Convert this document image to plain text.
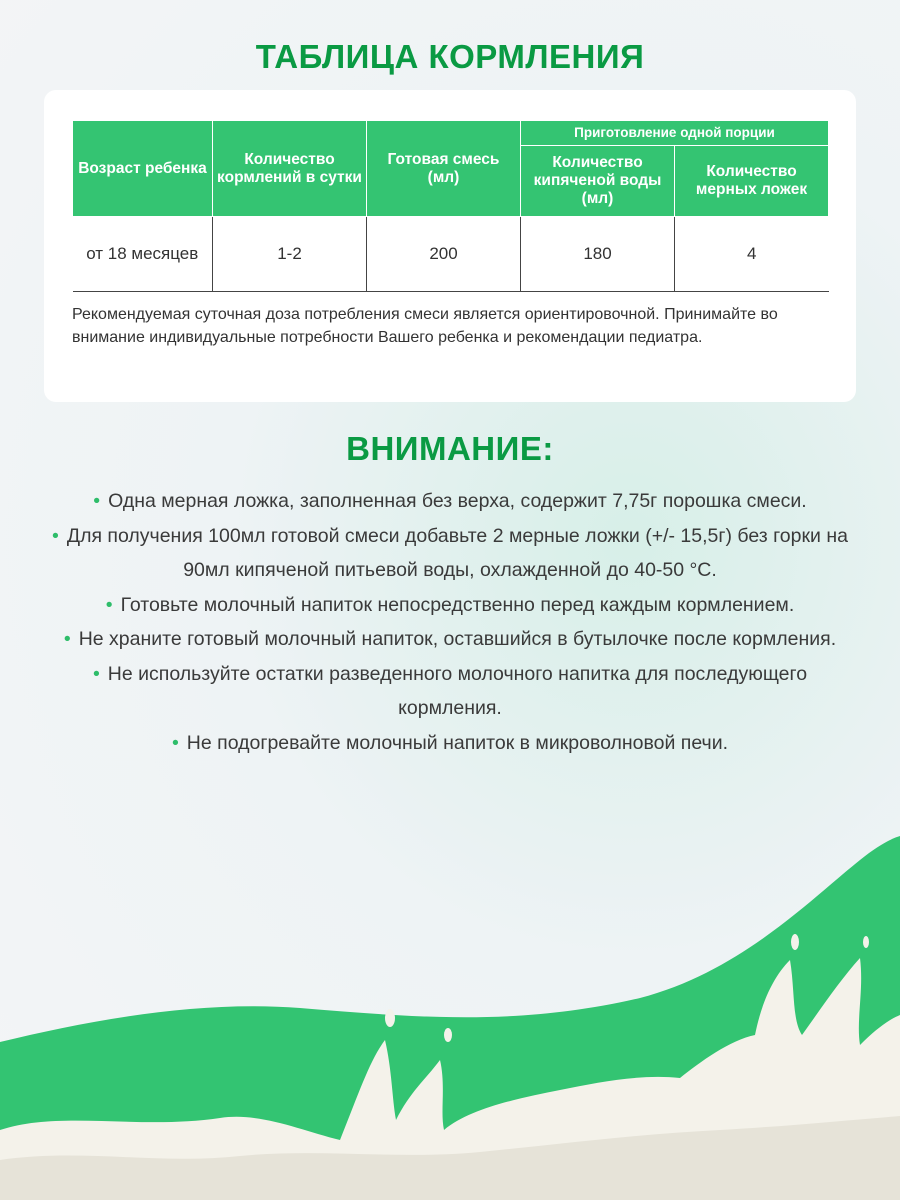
ТАБЛИЦА КОРМЛЕНИЯ
Возраст ребенка	Количество кормлений в сутки	Готовая смесь (мл)	Приготовление одной порции	
			Количество кипяченой воды (мл)	Количество мерных ложек
от 18 месяцев	1-2	200	180	4

Рекомендуемая суточная доза потребления смеси является ориентировочной. Принимайте во внимание индивидуальные потребности Вашего ребенка и рекомендации педиатра.

ВНИМАНИЕ:

• Одна мерная ложка, заполненная без верха, содержит 7,75г порошка смеси.

• Для получения 100мл готовой смеси добавьте 2 мерные ложки (+/- 15,5г) без горки на 90мл кипяченой питьевой воды, охлажденной до 40-50 °С.

• Готовьте молочный напиток непосредственно перед каждым кормлением.

• Не храните готовый молочный напиток, оставшийся в бутылочке после кормления.

• Не используйте остатки разведенного молочного напитка для последующего кормления.

• Не подогревайте молочный напиток в микроволновой печи.
